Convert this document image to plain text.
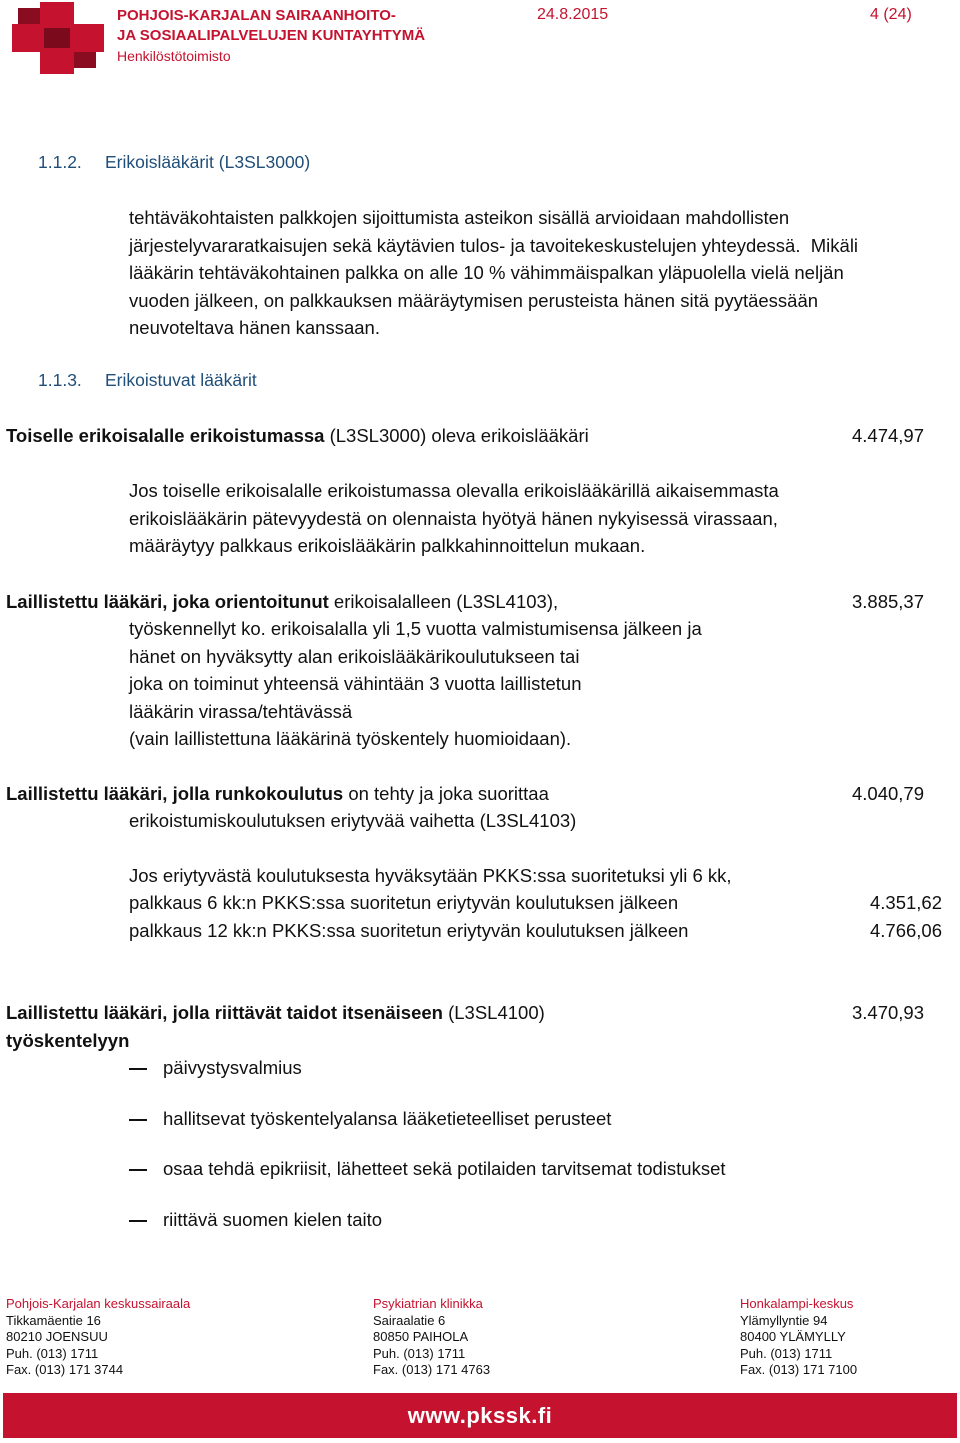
POHJOIS-KARJALAN SAIRAANHOITO-
JA SOSIAALIPALVELUJEN KUNTAYHTYMÄ
Henkilöstötoimisto
24.8.2015	4 (24)
1.1.2. Erikoislääkärit (L3SL3000)
tehtäväkohtaisten palkkojen sijoittumista asteikon sisällä arvioidaan mahdollisten
järjestelyvararatkaisujen sekä käytävien tulos- ja tavoitekeskustelujen yhteydessä.  Mikäli
lääkärin tehtäväkohtainen palkka on alle 10 % vähimmäispalkan yläpuolella vielä neljän
vuoden jälkeen, on palkkauksen määräytymisen perusteista hänen sitä pyytäessään
neuvoteltava hänen kanssaan.
1.1.3. Erikoistuvat lääkärit
Toiselle erikoisalalle erikoistumassa (L3SL3000) oleva erikoislääkäri	4.474,97
Jos toiselle erikoisalalle erikoistumassa olevalla erikoislääkärillä aikaisemmasta
erikoislääkärin pätevyydestä on olennaista hyötyä hänen nykyisessä virassaan,
määräytyy palkkaus erikoislääkärin palkkahinnoittelun mukaan.
Laillistettu lääkäri, joka orientoitunut erikoisalalleen (L3SL4103),	3.885,37
työskennellyt ko. erikoisalalla yli 1,5 vuotta valmistumisensa jälkeen ja
hänet on hyväksytty alan erikoislääkärikoulutukseen tai
joka on toiminut yhteensä vähintään 3 vuotta laillistetun
lääkärin virassa/tehtävässä
(vain laillistettuna lääkärinä työskentely huomioidaan).
Laillistettu lääkäri, jolla runkokoulutus on tehty ja joka suorittaa	4.040,79
erikoistumiskoulutuksen eriytyvää vaihetta (L3SL4103)
Jos eriytyvästä koulutuksesta hyväksytään PKKS:ssa suoritetuksi yli 6 kk,
palkkaus 6 kk:n PKKS:ssa suoritetun eriytyvän koulutuksen jälkeen	4.351,62
palkkaus 12 kk:n PKKS:ssa suoritetun eriytyvän koulutuksen jälkeen	4.766,06
Laillistettu lääkäri, jolla riittävät taidot itsenäiseen (L3SL4100)	3.470,93
työskentelyyn
päivystysvalmius
hallitsevat työskentelyalansa lääketieteelliset perusteet
osaa tehdä epikriisit, lähetteet sekä potilaiden tarvitsemat todistukset
riittävä suomen kielen taito
Pohjois-Karjalan keskussairaala
Tikkamäentie 16
80210 JOENSUU
Puh. (013) 1711
Fax. (013) 171 3744
Psykiatrian klinikka
Sairaalatie 6
80850 PAIHOLA
Puh. (013) 1711
Fax. (013) 171 4763
Honkalampi-keskus
Ylämyllyntie 94
80400 YLÄMYLLY
Puh. (013) 1711
Fax. (013) 171 7100
www.pkssk.fi
